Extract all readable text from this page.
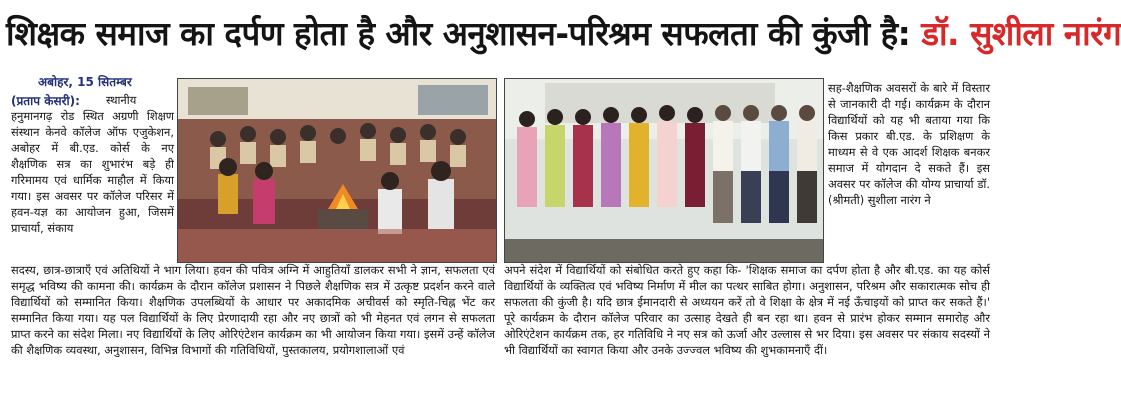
शिक्षक समाज का दर्पण होता है और अनुशासन-परिश्रम सफलता की कुंजी है: डॉ. सुशीला नारंग
अबोहर, 15 सितम्बर
(प्रताप केसरी):	स्थानीय हनुमानगढ़ रोड स्थित अग्रणी शिक्षण संस्थान केनवे कॉलेज ऑफ एजुकेशन, अबोहर में बी.एड. कोर्स के नए शैक्षणिक सत्र का शुभारंभ बड़े ही गरिमामय एवं धार्मिक माहौल में किया गया। इस अवसर पर कॉलेज परिसर में हवन-यज्ञ का आयोजन हुआ, जिसमें प्राचार्या, संकाय
सह-शैक्षणिक अवसरों के बारे में विस्तार से जानकारी दी गई। कार्यक्रम के दौरान विद्यार्थियों को यह भी बताया गया कि किस प्रकार बी.एड. के प्रशिक्षण के माध्यम से वे एक आदर्श शिक्षक बनकर समाज में योगदान दे सकते हैं। इस अवसर पर कॉलेज की योग्य प्राचार्या डॉ. (श्रीमती) सुशीला नारंग ने
सदस्य, छात्र-छात्राएँ एवं अतिथियों ने भाग लिया। हवन की पवित्र अग्नि में आहुतियाँ डालकर सभी ने ज्ञान, सफलता एवं समृद्ध भविष्य की कामना की। कार्यक्रम के दौरान कॉलेज प्रशासन ने पिछले शैक्षणिक सत्र में उत्कृष्ट प्रदर्शन करने वाले विद्यार्थियों को सम्मानित किया। शैक्षणिक उपलब्धियों के आधार पर अकादमिक अचीवर्स को स्मृति-चिह्न भेंट कर सम्मानित किया गया। यह पल विद्यार्थियों के लिए प्रेरणादायी रहा और नए छात्रों को भी मेहनत एवं लगन से सफलता प्राप्त करने का संदेश मिला। नए विद्यार्थियों के लिए ओरिएंटेशन कार्यक्रम का भी आयोजन किया गया। इसमें उन्हें कॉलेज की शैक्षणिक व्यवस्था, अनुशासन, विभिन्न विभागों की गतिविधियों, पुस्तकालय, प्रयोगशालाओं एवं
अपने संदेश में विद्यार्थियों को संबोधित करते हुए कहा कि- 'शिक्षक समाज का दर्पण होता है और बी.एड. का यह कोर्स विद्यार्थियों के व्यक्तित्व एवं भविष्य निर्माण में मील का पत्थर साबित होगा। अनुशासन, परिश्रम और सकारात्मक सोच ही सफलता की कुंजी है। यदि छात्र ईमानदारी से अध्ययन करें तो वे शिक्षा के क्षेत्र में नई ऊँचाइयों को प्राप्त कर सकते हैं।' पूरे कार्यक्रम के दौरान कॉलेज परिवार का उत्साह देखते ही बन रहा था। हवन से प्रारंभ होकर सम्मान समारोह और ओरिएंटेशन कार्यक्रम तक, हर गतिविधि ने नए सत्र को ऊर्जा और उल्लास से भर दिया। इस अवसर पर संकाय सदस्यों ने भी विद्यार्थियों का स्वागत किया और उनके उज्ज्वल भविष्य की शुभकामनाएँ दीं।
